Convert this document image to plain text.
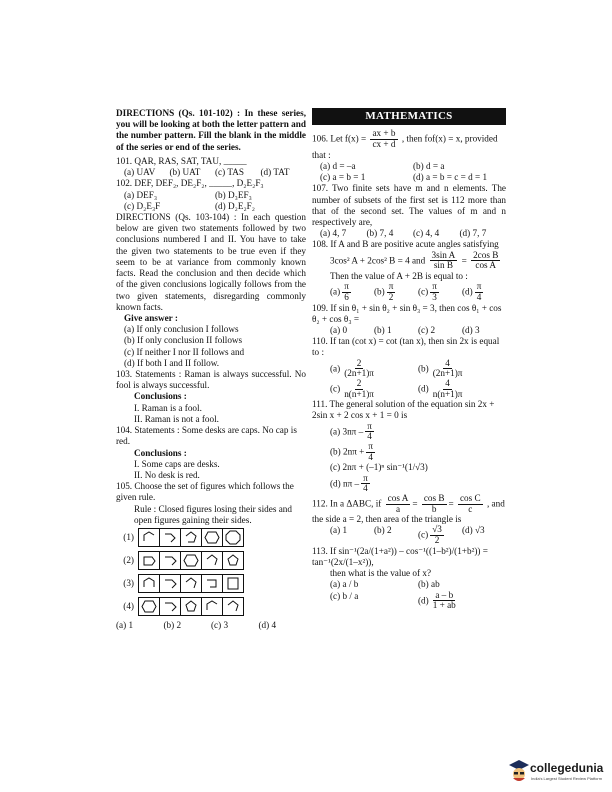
DIRECTIONS (Qs. 101-102) : In these series, you will be looking at both the letter pattern and the number pattern. Fill the blank in the middle of the series or end of the series.

101. QAR, RAS, SAT, TAU, _____

(a) UAV	(b) UAT	(c) TAS	(d) TAT

102. DEF, DEF₂, DE₂F₂, _____, D₂E₂F₃

(a) DEF₃	(b) D₃EF₃
(c) D₂E₃F	(d) D₂E₂F₂

DIRECTIONS (Qs. 103-104) : In each question below are given two statements followed by two conclusions numbered I and II. You have to take the given two statements to be true even if they seem to be at variance from commonly known facts. Read the conclusion and then decide which of the given conclusions logically follows from the two given statements, disregarding commonly known facts.

Give answer :

(a) If only conclusion I follows

(b) If only conclusion II follows

(c) If neither I nor II follows and

(d) If both I and II follow.

103. Statements : Raman is always successful. No fool is always successful.

Conclusions :

I. Raman is a fool.

II. Raman is not a fool.

104. Statements : Some desks are caps. No cap is red.

Conclusions :

I. Some caps are desks.

II. No desk is red.

105. Choose the set of figures which follows the given rule.

Rule : Closed figures losing their sides and open figures gaining their sides.

(1)
(2)
(3)
(4)
(a) 1	(b) 2	(c) 3	(d) 4
MATHEMATICS

106. Let $f(x) = \frac{ax + b}{cx + d}$ , then fof(x) = x, provided that :

(a) d = –a	(b) d = a
(c) a = b = 1	(d) a = b = c = d = 1

107. Two finite sets have m and n elements. The number of subsets of the first set is 112 more than that of the second set. The values of m and n respectively are,

(a) 4, 7	(b) 7, 4	(c) 4, 4	(d) 7, 7

108. If A and B are positive acute angles satisfying

3cos² A + 2cos² B = 4 and $\frac{\text{3sin A}}{\text{sin B}} = \frac{\text{2cos B}}{\text{cos A}}$

Then the value of A + 2B is equal to :

$(a) \frac{\pi}{6}$	$(b) \frac{\pi}{2} (c) \frac{\pi}{3}$	$(d) \frac{\pi}{4}$

109. If sin θ₁ + sin θ₂ + sin θ₃ = 3, then cos θ₁ + cos θ₂ + cos θ₃ =

(a) 0	(b) 1	(c) 2	(d) 3

110. If tan (cot x) = cot (tan x), then sin 2x is equal to :

$(a) \frac{2}{(2n+1)\pi}$	$(b) \frac{4}{(2n+1)\pi}$
$(c) \frac{2}{n(n+1)\pi}$	$(d) \frac{4}{n(n+1)\pi}$

111. The general solution of the equation sin 2x + 2sin x + 2 cos x + 1 = 0 is

(a) $3n\pi - \frac{\pi}{4}$

(b) $2n\pi + \frac{\pi}{4}$

(c) 2nπ + (–1)ⁿ sin⁻¹(1/√3)

(d) nπ – $\frac{\pi}{4}$

112. In a ΔABC, if $\frac{\text{cos A}}{a} = \frac{\text{cos B}}{b} = \frac{\text{cos C}}{c}$ , and the side a = 2, then area of the triangle is

(a) 1	(b) 2	$(c) \frac{√3}{2} (d)$ √3

113. If sin⁻¹(2a/(1+a²)) – cos⁻¹((1–b²)/(1+b²)) = tan⁻¹(2x/(1–x²)),

then what is the value of x?

(a) a / b	(b) ab
(c) b / a	$(d) \frac{a - b}{1 + ab}$
collegedunia
India's Largest Student Review Platform
